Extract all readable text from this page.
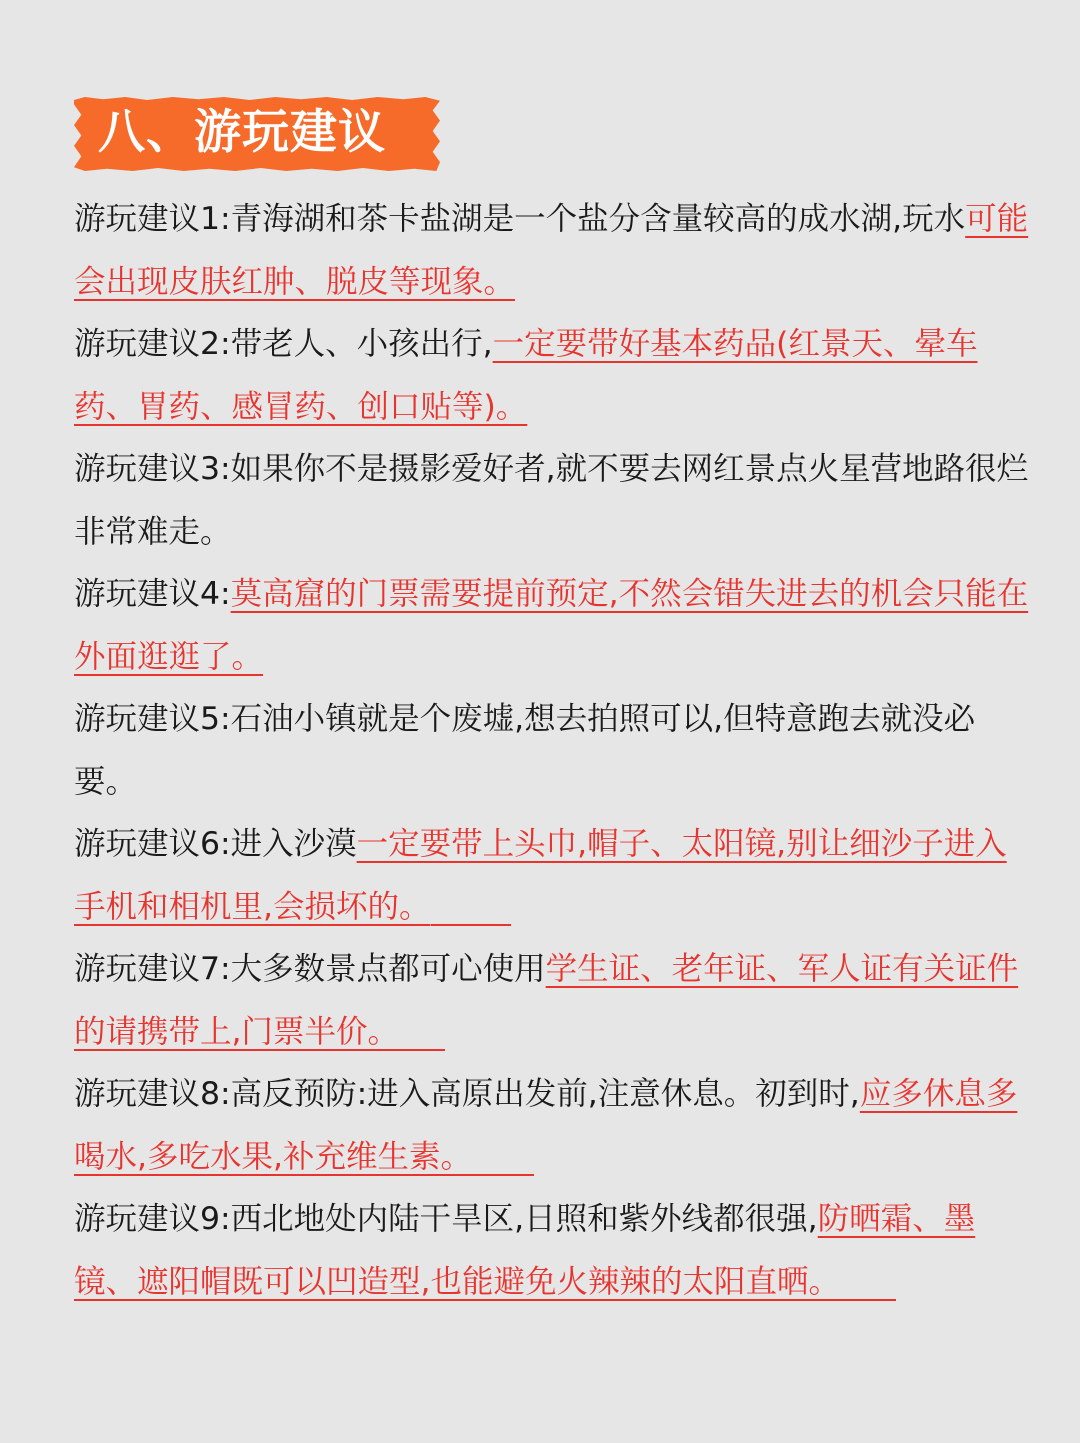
八、游玩建议

游玩建议1:青海湖和茶卡盐湖是一个盐分含量较高的成水湖,玩水可能会出现皮肤红肿、脱皮等现象。

游玩建议2:带老人、小孩出行,一定要带好基本药品(红景天、晕车药、胃药、感冒药、创口贴等)。

游玩建议3:如果你不是摄影爱好者,就不要去网红景点火星营地路很烂非常难走。

游玩建议4:莫高窟的门票需要提前预定,不然会错失进去的机会只能在外面逛逛了。

游玩建议5:石油小镇就是个废墟,想去拍照可以,但特意跑去就没必要。

游玩建议6:进入沙漠一定要带上头巾,帽子、太阳镜,别让细沙子进入手机和相机里,会损坏的。

游玩建议7:大多数景点都可心使用学生证、老年证、军人证有关证件的请携带上,门票半价。

游玩建议8:高反预防:进入高原出发前,注意休息。初到时,应多休息多喝水,多吃水果,补充维生素。

游玩建议9:西北地处内陆干旱区,日照和紫外线都很强,防晒霜、墨镜、遮阳帽既可以凹造型,也能避免火辣辣的太阳直晒。
